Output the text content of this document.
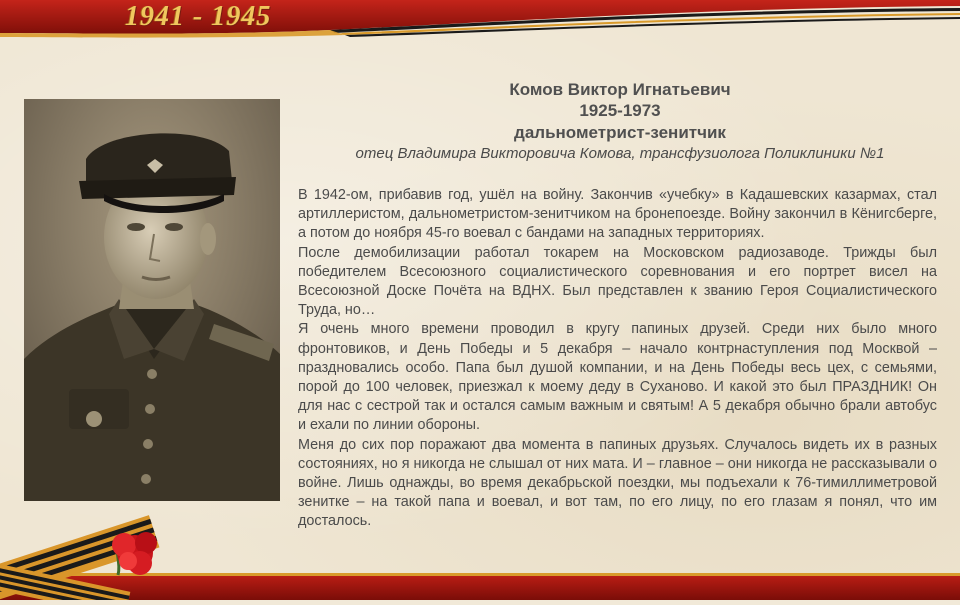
1941 - 1945
Комов Виктор Игнатьевич
1925-1973
дальнометрист-зенитчик
отец Владимира Викторовича Комова, трансфузиолога Поликлиники №1

В 1942-ом, прибавив год, ушёл на войну. Закончив «учебку» в Кадашевских казармах, стал артиллеристом, дальнометристом-зенитчиком на бронепоезде. Войну закончил в Кёнигсберге, а потом до ноября 45-го воевал с бандами на западных территориях.

После демобилизации работал токарем на Московском радиозаводе. Трижды был победителем Всесоюзного социалистического соревнования и его портрет висел на Всесоюзной Доске Почёта на ВДНХ. Был представлен к званию Героя Социалистического Труда, но…

Я очень много времени проводил в кругу папиных друзей. Среди них было много фронтовиков, и День Победы и 5 декабря – начало контрнаступления под Москвой – праздновались особо. Папа был душой компании, и на День Победы весь цех, с семьями, порой до 100 человек, приезжал к моему деду в Суханово. И какой это был ПРАЗДНИК! Он для нас с сестрой так и остался самым важным и святым! А 5 декабря обычно брали автобус и ехали по линии обороны.

Меня до сих пор поражают два момента в папиных друзьях. Случалось видеть их в разных состояниях, но я никогда не слышал от них мата. И – главное – они никогда не рассказывали о войне. Лишь однажды, во время декабрьской поездки, мы подъехали к 76-тимиллиметровой зенитке – на такой папа и воевал, и вот там, по его лицу, по его глазам я понял, что им досталось.
